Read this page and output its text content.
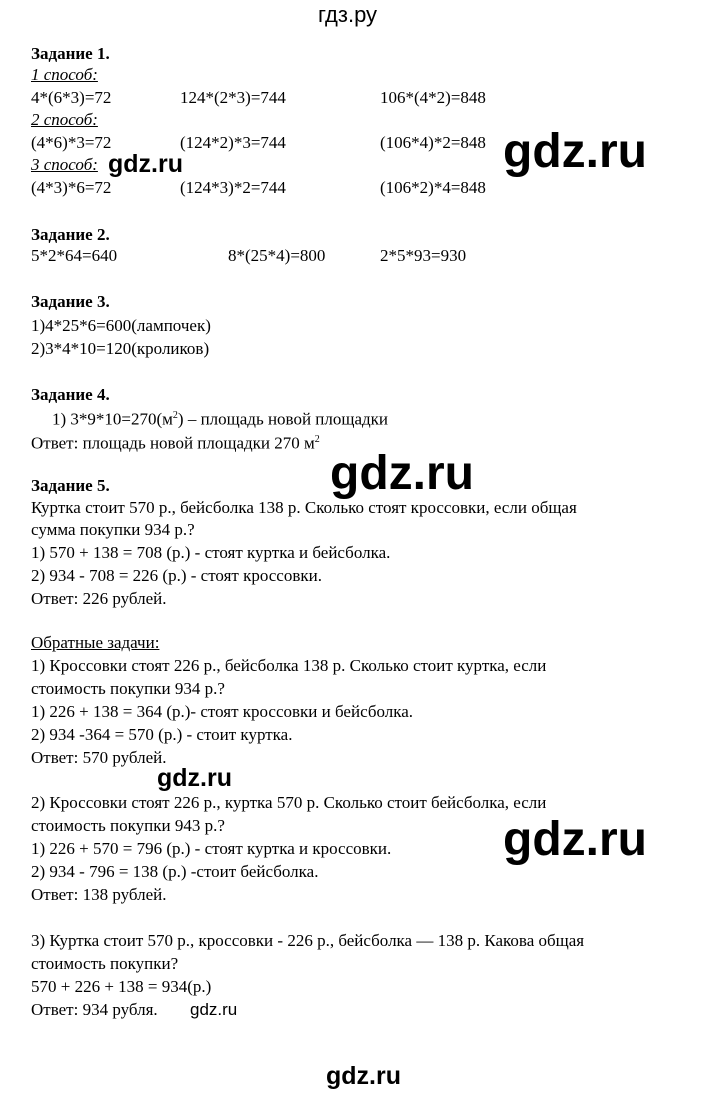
гдз.ру
Задание 1.
1 способ:
4*(6*3)=72	124*(2*3)=744	106*(4*2)=848
2 способ:
(4*6)*3=72	(124*2)*3=744	(106*4)*2=848
3 способ:
(4*3)*6=72	(124*3)*2=744	(106*2)*4=848
gdz.ru	gdz.ru
Задание 2.
5*2*64=640	8*(25*4)=800	2*5*93=930
Задание 3.
1)4*25*6=600(лампочек)
2)3*4*10=120(кроликов)
Задание 4.
1) $3*9*10=270(м^2)$ – площадь новой площадки
Ответ: площадь новой площадки 270 $м^2$
gdz.ru
Задание 5.
Куртка стоит 570 р., бейсболка 138 р. Сколько стоят кроссовки, если общая
сумма покупки 934 р.?
1) 570 + 138 = 708 (р.) - стоят куртка и бейсболка.
2) 934 - 708 = 226 (р.) - стоят кроссовки.
Ответ: 226 рублей.
Обратные задачи:
1) Кроссовки стоят 226 р., бейсболка 138 р. Сколько стоит куртка, если
стоимость покупки 934 р.?
1) 226 + 138 = 364 (р.)- стоят кроссовки и бейсболка.
2) 934 -364 = 570 (р.) - стоит куртка.
Ответ: 570 рублей.
gdz.ru
2) Кроссовки стоят 226 р., куртка 570 р. Сколько стоит бейсболка, если
стоимость покупки 943 р.?
1) 226 + 570 = 796 (р.) - стоят куртка и кроссовки.
2) 934 - 796 = 138 (р.) -стоит бейсболка.
Ответ: 138 рублей.
gdz.ru
3) Куртка стоит 570 р., кроссовки - 226 р., бейсболка — 138 р. Какова общая
стоимость покупки?
570 + 226 + 138 = 934(р.)
Ответ: 934 рубля. gdz.ru
gdz.ru
